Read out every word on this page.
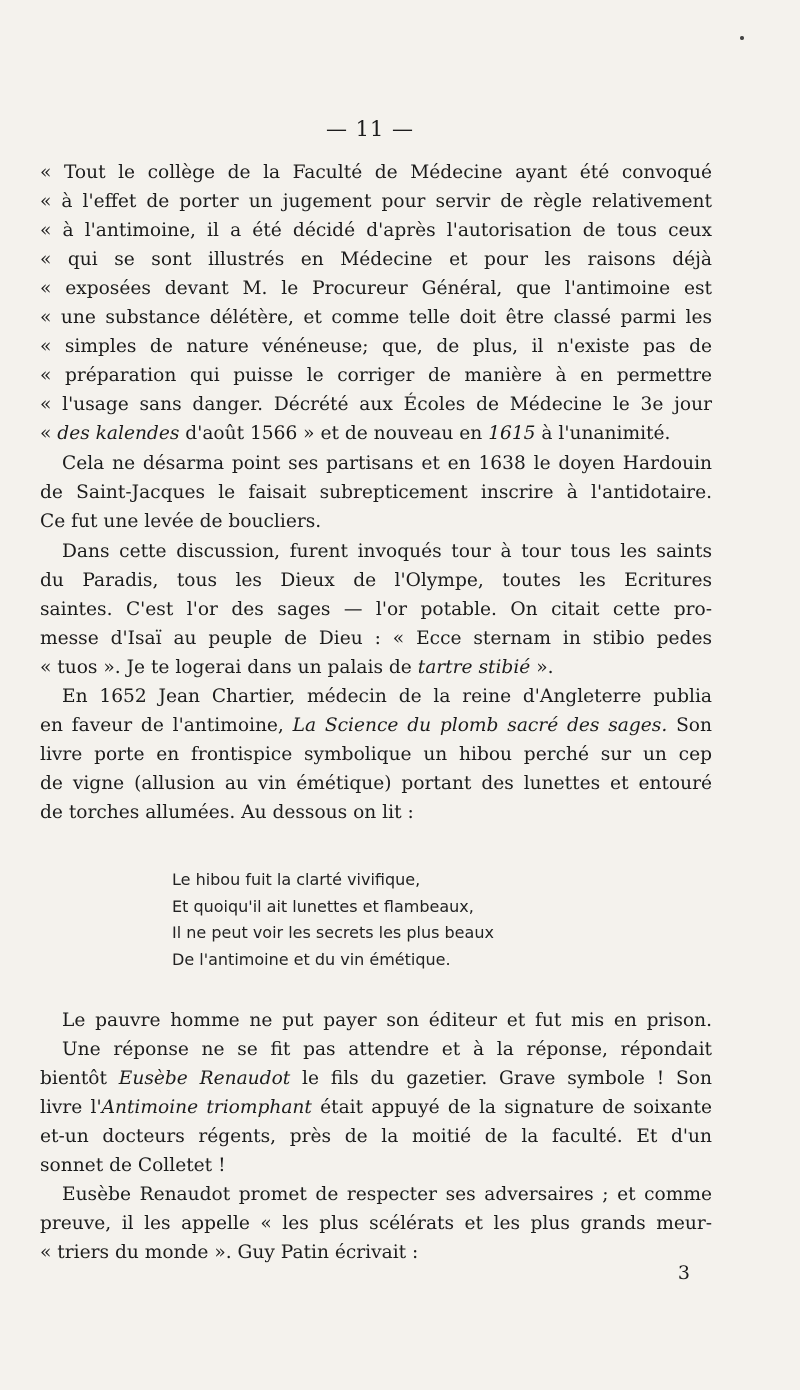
— 11 —
« Tout le collège de la Faculté de Médecine ayant été convoqué
« à l'effet de porter un jugement pour servir de règle relativement
« à l'antimoine, il a été décidé d'après l'autorisation de tous ceux
« qui se sont illustrés en Médecine et pour les raisons déjà
« exposées devant M. le Procureur Général, que l'antimoine est
« une substance délétère, et comme telle doit être classé parmi les
« simples de nature vénéneuse; que, de plus, il n'existe pas de
« préparation qui puisse le corriger de manière à en permettre
« l'usage sans danger. Décrété aux Écoles de Médecine le 3e jour
« des kalendes d'août 1566 » et de nouveau en 1615 à l'unanimité.
Cela ne désarma point ses partisans et en 1638 le doyen Hardouin
de Saint-Jacques le faisait subrepticement inscrire à l'antidotaire.
Ce fut une levée de boucliers.
Dans cette discussion, furent invoqués tour à tour tous les saints
du Paradis, tous les Dieux de l'Olympe, toutes les Ecritures
saintes. C'est l'or des sages — l'or potable. On citait cette pro-
messe d'Isaï au peuple de Dieu : « Ecce sternam in stibio pedes
« tuos ». Je te logerai dans un palais de tartre stibié ».
En 1652 Jean Chartier, médecin de la reine d'Angleterre publia
en faveur de l'antimoine, La Science du plomb sacré des sages. Son
livre porte en frontispice symbolique un hibou perché sur un cep
de vigne (allusion au vin émétique) portant des lunettes et entouré
de torches allumées. Au dessous on lit :
Le hibou fuit la clarté vivifique,
Et quoiqu'il ait lunettes et flambeaux,
Il ne peut voir les secrets les plus beaux
De l'antimoine et du vin émétique.
Le pauvre homme ne put payer son éditeur et fut mis en prison.
Une réponse ne se fit pas attendre et à la réponse, répondait
bientôt Eusèbe Renaudot le fils du gazetier. Grave symbole ! Son
livre l'Antimoine triomphant était appuyé de la signature de soixante
et-un docteurs régents, près de la moitié de la faculté. Et d'un
sonnet de Colletet !
Eusèbe Renaudot promet de respecter ses adversaires ; et comme
preuve, il les appelle « les plus scélérats et les plus grands meur-
« triers du monde ». Guy Patin écrivait :
3
